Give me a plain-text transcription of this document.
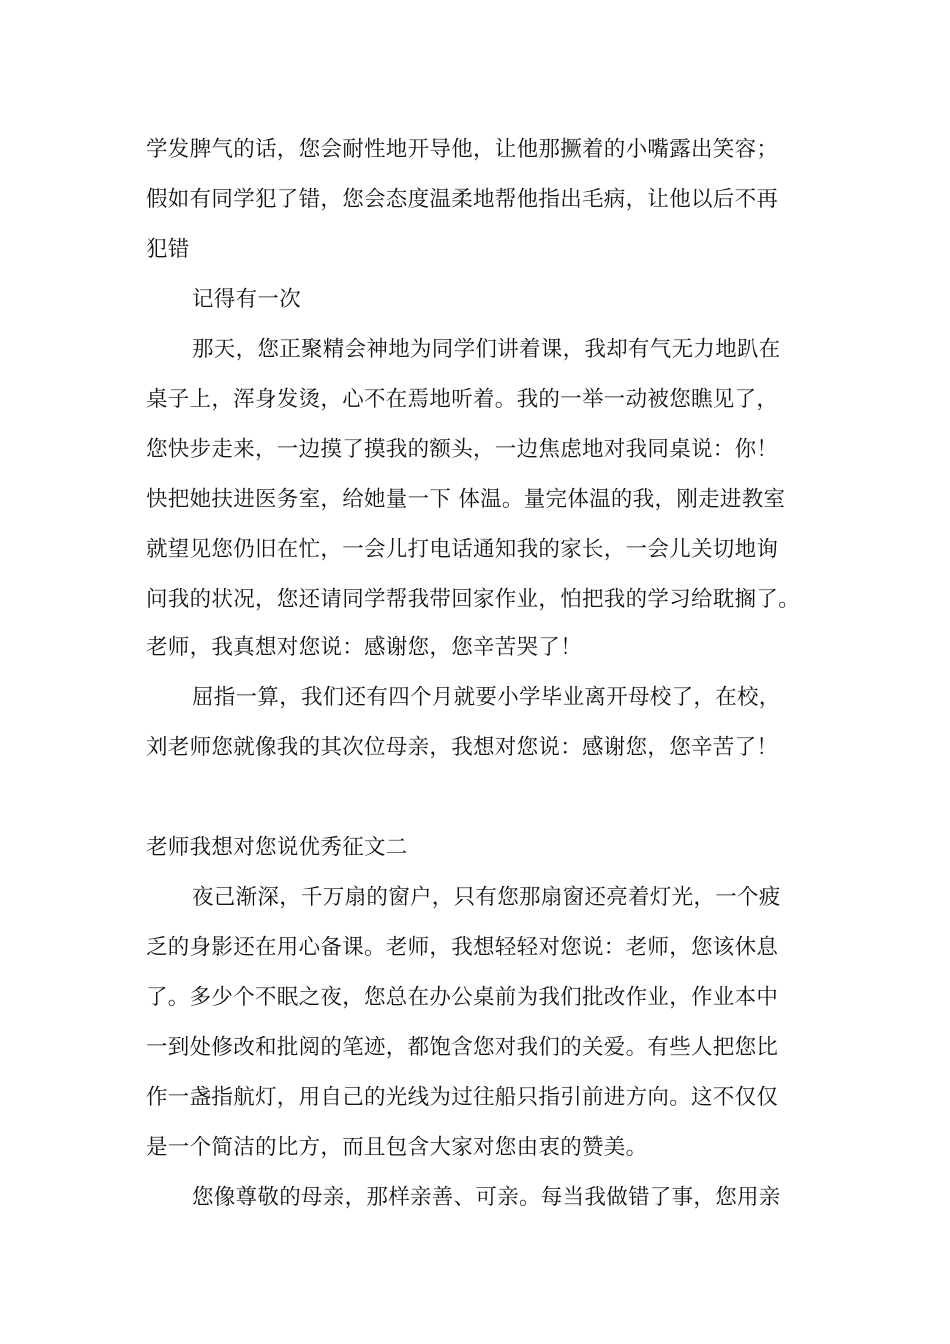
学发脾气的话，您会耐性地开导他，让他那撅着的小嘴露出笑容；
假如有同学犯了错，您会态度温柔地帮他指出毛病，让他以后不再
犯错
记得有一次
那天，您正聚精会神地为同学们讲着课，我却有气无力地趴在
桌子上，浑身发烫，心不在焉地听着。我的一举一动被您瞧见了，
您快步走来，一边摸了摸我的额头，一边焦虑地对我同桌说：你！
快把她扶进医务室，给她量一下 体温。量完体温的我，刚走进教室
就望见您仍旧在忙，一会儿打电话通知我的家长，一会儿关切地询
问我的状况，您还请同学帮我带回家作业，怕把我的学习给耽搁了。
老师，我真想对您说：感谢您，您辛苦哭了！
屈指一算，我们还有四个月就要小学毕业离开母校了，在校，
刘老师您就像我的其次位母亲，我想对您说：感谢您，您辛苦了！
老师我想对您说优秀征文二
夜己渐深，千万扇的窗户，只有您那扇窗还亮着灯光，一个疲
乏的身影还在用心备课。老师，我想轻轻对您说：老师，您该休息
了。多少个不眠之夜，您总在办公桌前为我们批改作业，作业本中
一到处修改和批阅的笔迹，都饱含您对我们的关爱。有些人把您比
作一盏指航灯，用自己的光线为过往船只指引前进方向。这不仅仅
是一个简洁的比方，而且包含大家对您由衷的赞美。
您像尊敬的母亲，那样亲善、可亲。每当我做错了事，您用亲
